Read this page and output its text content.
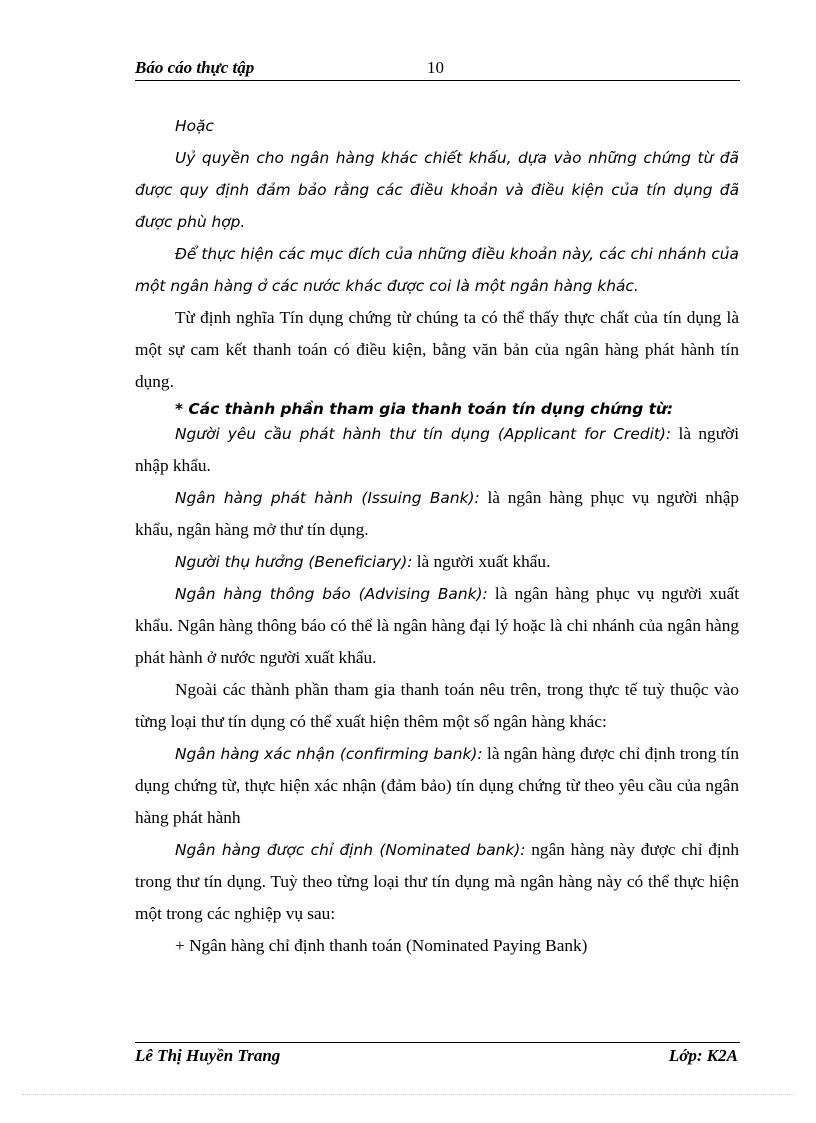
Báo cáo thực tập	10

Hoặc

Uỷ quyền cho ngân hàng khác chiết khấu, dựa vào những chứng từ đã được quy định đảm bảo rằng các điều khoản và điều kiện của tín dụng đã được phù hợp.

Để thực hiện các mục đích của những điều khoản này, các chi nhánh của một ngân hàng ở các nước khác được coi là một ngân hàng khác.

Từ định nghĩa Tín dụng chứng từ chúng ta có thể thấy thực chất của tín dụng là một sự cam kết thanh toán có điều kiện, bằng văn bản của ngân hàng phát hành tín dụng.

* Các thành phần tham gia thanh toán tín dụng chứng từ:

Người yêu cầu phát hành thư tín dụng (Applicant for Credit): là người nhập khẩu.

Ngân hàng phát hành (Issuing Bank): là ngân hàng phục vụ người nhập khẩu, ngân hàng mở thư tín dụng.

Người thụ hưởng (Beneficiary): là người xuất khẩu.

Ngân hàng thông báo (Advising Bank): là ngân hàng phục vụ người xuất khẩu. Ngân hàng thông báo có thể là ngân hàng đại lý hoặc là chi nhánh của ngân hàng phát hành ở nước người xuất khẩu.

Ngoài các thành phần tham gia thanh toán nêu trên, trong thực tế tuỳ thuộc vào từng loại thư tín dụng có thể xuất hiện thêm một số ngân hàng khác:

Ngân hàng xác nhận (confirming bank): là ngân hàng được chỉ định trong tín dụng chứng từ, thực hiện xác nhận (đảm bảo) tín dụng chứng từ theo yêu cầu của ngân hàng phát hành

Ngân hàng được chỉ định (Nominated bank): ngân hàng này được chỉ định trong thư tín dụng. Tuỳ theo từng loại thư tín dụng mà ngân hàng này có thể thực hiện một trong các nghiệp vụ sau:

+ Ngân hàng chỉ định thanh toán (Nominated Paying Bank)

Lê Thị Huyền Trang	Lớp: K2A
